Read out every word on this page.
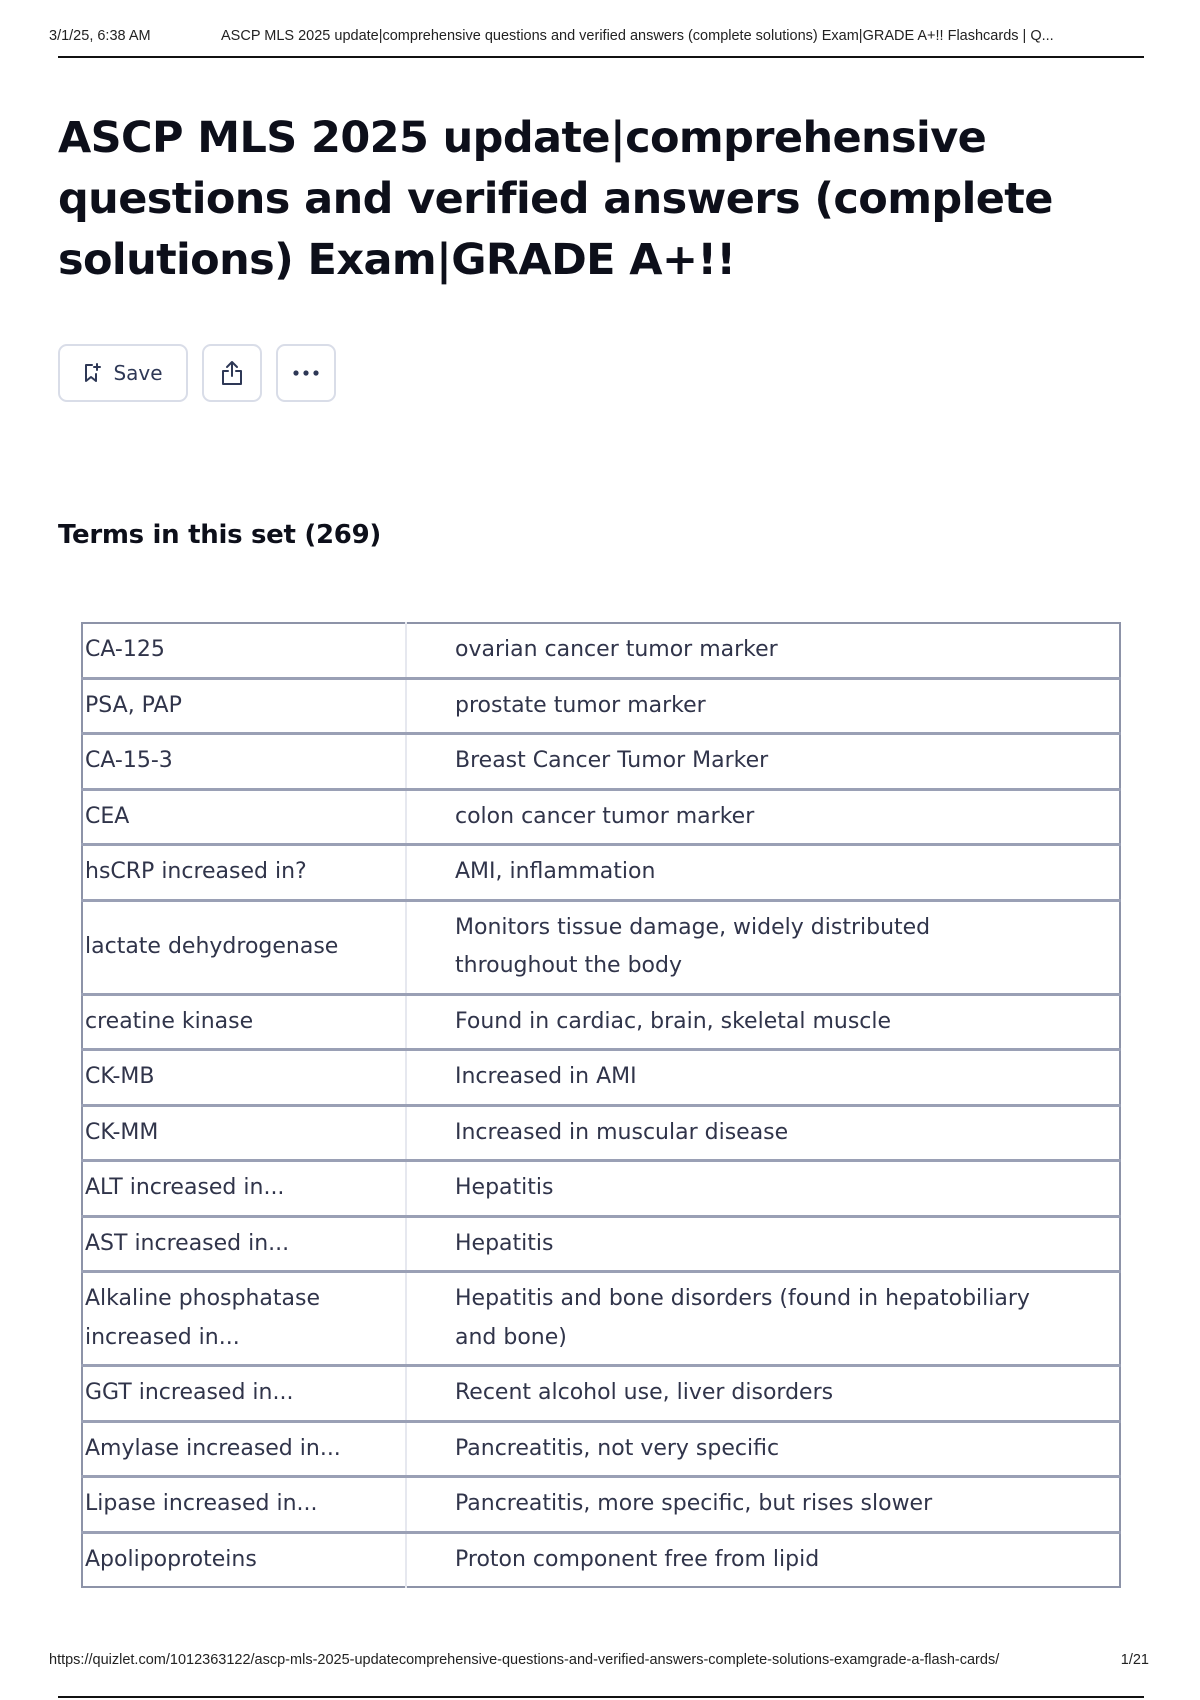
3/1/25, 6:38 AM	ASCP MLS 2025 update|comprehensive questions and verified answers (complete solutions) Exam|GRADE A+!! Flashcards | Q...
ASCP MLS 2025 update|comprehensive questions and verified answers (complete solutions) Exam|GRADE A+!!
Save
Terms in this set (269)
CA-125	ovarian cancer tumor marker
PSA, PAP	prostate tumor marker
CA-15-3	Breast Cancer Tumor Marker
CEA	colon cancer tumor marker
hsCRP increased in?	AMI, inflammation
lactate dehydrogenase	Monitors tissue damage, widely distributed throughout the body
creatine kinase	Found in cardiac, brain, skeletal muscle
CK-MB	Increased in AMI
CK-MM	Increased in muscular disease
ALT increased in...	Hepatitis
AST increased in...	Hepatitis
Alkaline phosphatase increased in...	Hepatitis and bone disorders (found in hepatobiliary and bone)
GGT increased in...	Recent alcohol use, liver disorders
Amylase increased in...	Pancreatitis, not very specific
Lipase increased in...	Pancreatitis, more specific, but rises slower
Apolipoproteins	Proton component free from lipid
https://quizlet.com/1012363122/ascp-mls-2025-updatecomprehensive-questions-and-verified-answers-complete-solutions-examgrade-a-flash-cards/	1/21
